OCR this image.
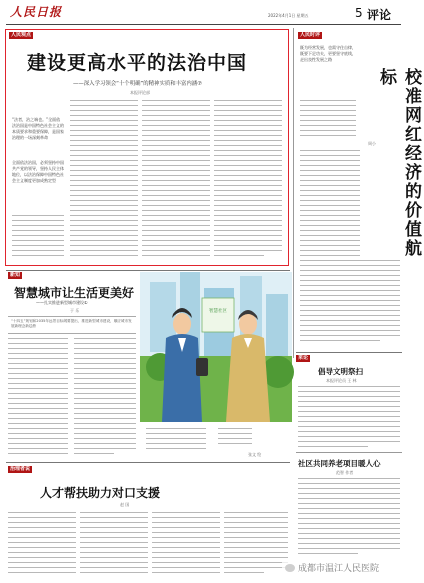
人民日报	2022年4月1日 星期五	5 评论
人民观点
建设更高水平的法治中国
——深入学习领会“十个明确”的精神实质和丰富内涵⑦
本报评论部
“法者，治之端也。”全面依法治国是中国特色社会主义的本质要求和重要保障，是国家治理的一场深刻革命
全面依法治国，必须坚持中国共产党的领导，坚持人民主体地位，以法治保障中国特色社会主义制度更加成熟定型
人民时评
既为经营发展，也需守住自律，既要下足功夫，更要坚守底线，走出良性发展之路
校准网红经济的价值航标
周小
新知
智慧城市让生活更美好
——扎实推进新型城市建设①
于 乐
“十四五”规划和2035年远景目标纲要提出，推进新型城市建设，顺应城市发展新理念新趋势
智慧社区
张文 绘
来论
倡导文明祭扫
本报评论员 王 林
社区共同养老项目暖人心
范智 作者
治理者说
人才帮扶助力对口支援
赵 国
成都市温江人民医院
